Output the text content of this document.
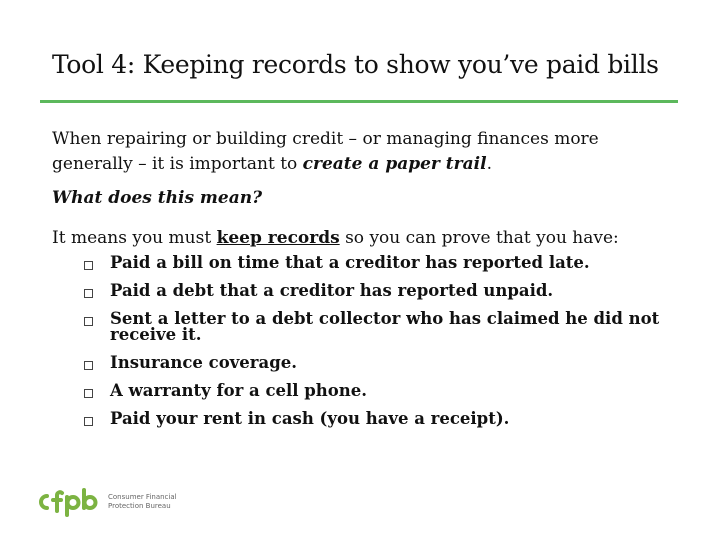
Tool 4: Keeping records to show you’ve paid bills
When repairing or building credit – or managing finances more generally – it is important to create a paper trail.
What does this mean?
It means you must keep records so you can prove that you have:
Paid a bill on time that a creditor has reported late.
Paid a debt that a creditor has reported unpaid.
Sent a letter to a debt collector who has claimed he did not receive it.
Insurance coverage.
A warranty for a cell phone.
Paid your rent in cash (you have a receipt).
Consumer Financial
Protection Bureau
